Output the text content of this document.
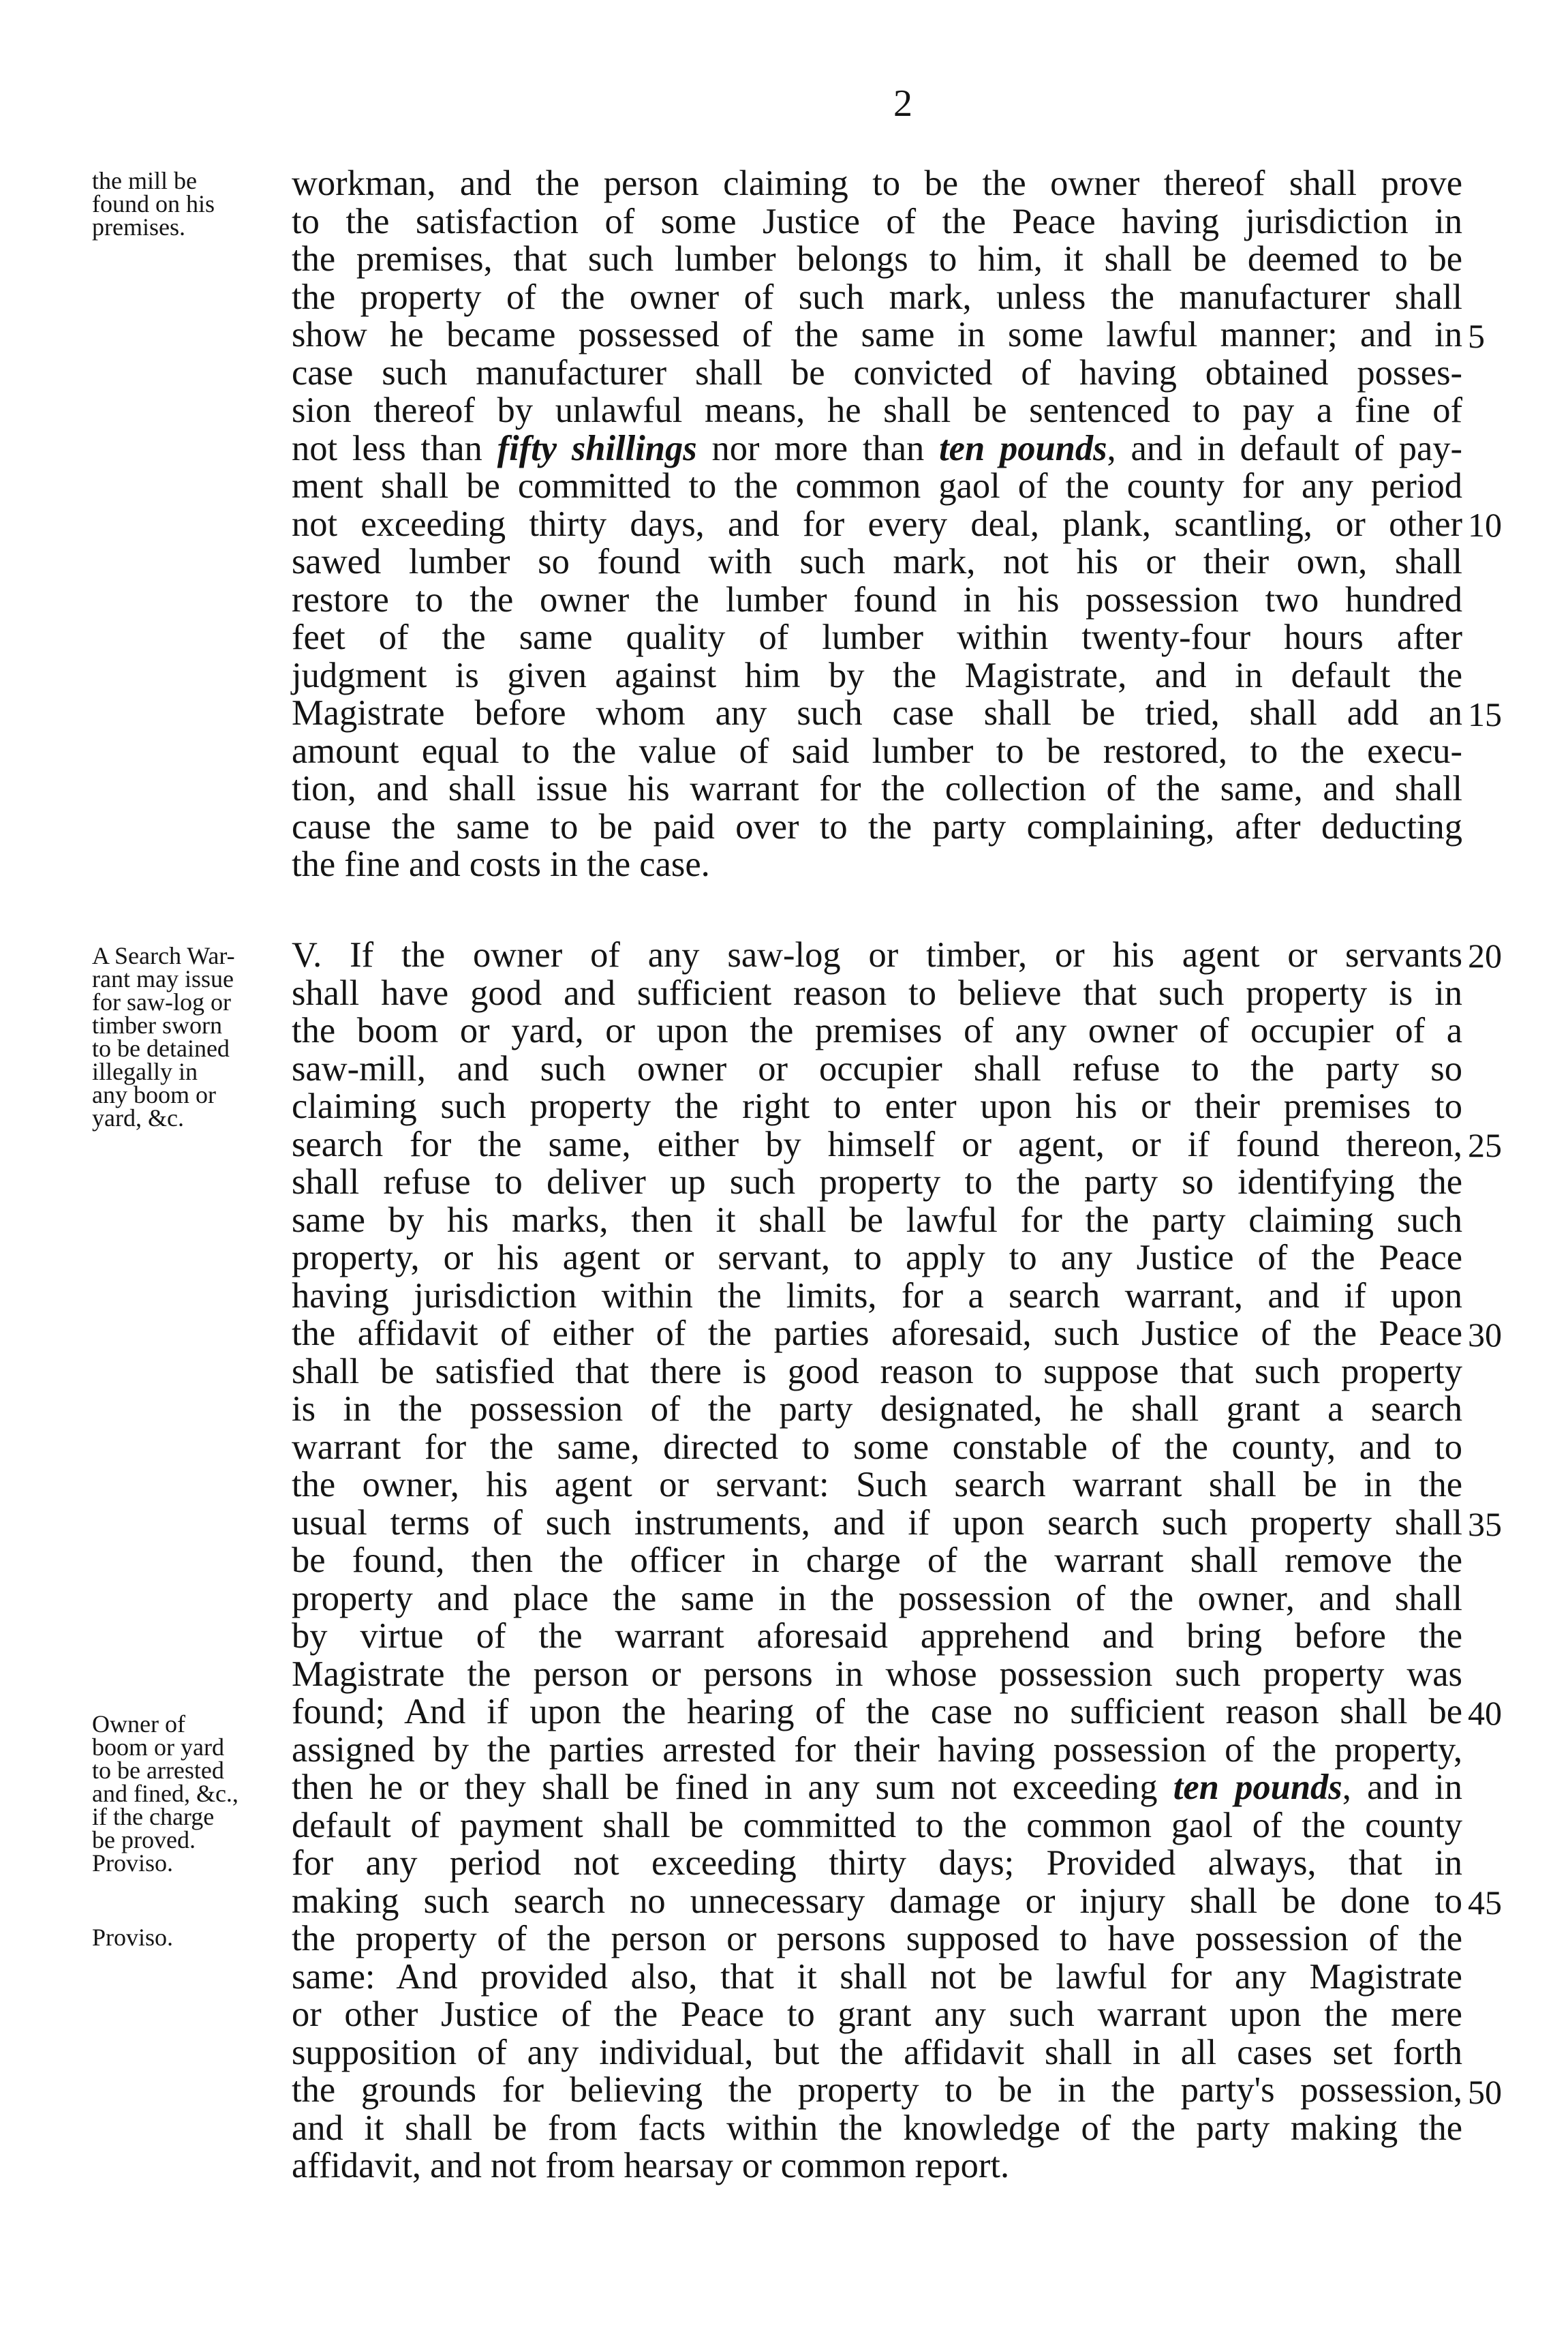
2
the mill be
found on his
premises.
A Search War-
rant may issue
for saw-log or
timber sworn
to be detained
illegally in
any boom or
yard, &c.
Owner of
boom or yard
to be arrested
and fined, &c.,
if the charge
be proved.
Proviso.
Proviso.
workman, and the person claiming to be the owner thereof shall prove
to the satisfaction of some Justice of the Peace having jurisdiction in
the premises, that such lumber belongs to him, it shall be deemed to be
the property of the owner of such mark, unless the manufacturer shall
show he became possessed of the same in some lawful manner; and in
case such manufacturer shall be convicted of having obtained posses-
sion thereof by unlawful means, he shall be sentenced to pay a fine of
not less than fifty shillings nor more than ten pounds, and in default of pay-
ment shall be committed to the common gaol of the county for any period
not exceeding thirty days, and for every deal, plank, scantling, or other
sawed lumber so found with such mark, not his or their own, shall
restore to the owner the lumber found in his possession two hundred
feet of the same quality of lumber within twenty-four hours after
judgment is given against him by the Magistrate, and in default the
Magistrate before whom any such case shall be tried, shall add an
amount equal to the value of said lumber to be restored, to the execu-
tion, and shall issue his warrant for the collection of the same, and shall
cause the same to be paid over to the party complaining, after deducting
the fine and costs in the case.
V. If the owner of any saw-log or timber, or his agent or servants
shall have good and sufficient reason to believe that such property is in
the boom or yard, or upon the premises of any owner of occupier of a
saw-mill, and such owner or occupier shall refuse to the party so
claiming such property the right to enter upon his or their premises to
search for the same, either by himself or agent, or if found thereon,
shall refuse to deliver up such property to the party so identifying the
same by his marks, then it shall be lawful for the party claiming such
property, or his agent or servant, to apply to any Justice of the Peace
having jurisdiction within the limits, for a search warrant, and if upon
the affidavit of either of the parties aforesaid, such Justice of the Peace
shall be satisfied that there is good reason to suppose that such property
is in the possession of the party designated, he shall grant a search
warrant for the same, directed to some constable of the county, and to
the owner, his agent or servant: Such search warrant shall be in the
usual terms of such instruments, and if upon search such property shall
be found, then the officer in charge of the warrant shall remove the
property and place the same in the possession of the owner, and shall
by virtue of the warrant aforesaid apprehend and bring before the
Magistrate the person or persons in whose possession such property was
found; And if upon the hearing of the case no sufficient reason shall be
assigned by the parties arrested for their having possession of the property,
then he or they shall be fined in any sum not exceeding ten pounds, and in
default of payment shall be committed to the common gaol of the county
for any period not exceeding thirty days; Provided always, that in
making such search no unnecessary damage or injury shall be done to
the property of the person or persons supposed to have possession of the
same: And provided also, that it shall not be lawful for any Magistrate
or other Justice of the Peace to grant any such warrant upon the mere
supposition of any individual, but the affidavit shall in all cases set forth
the grounds for believing the property to be in the party's possession,
and it shall be from facts within the knowledge of the party making the
affidavit, and not from hearsay or common report.
5
10
15
20
25
30
35
40
45
50
